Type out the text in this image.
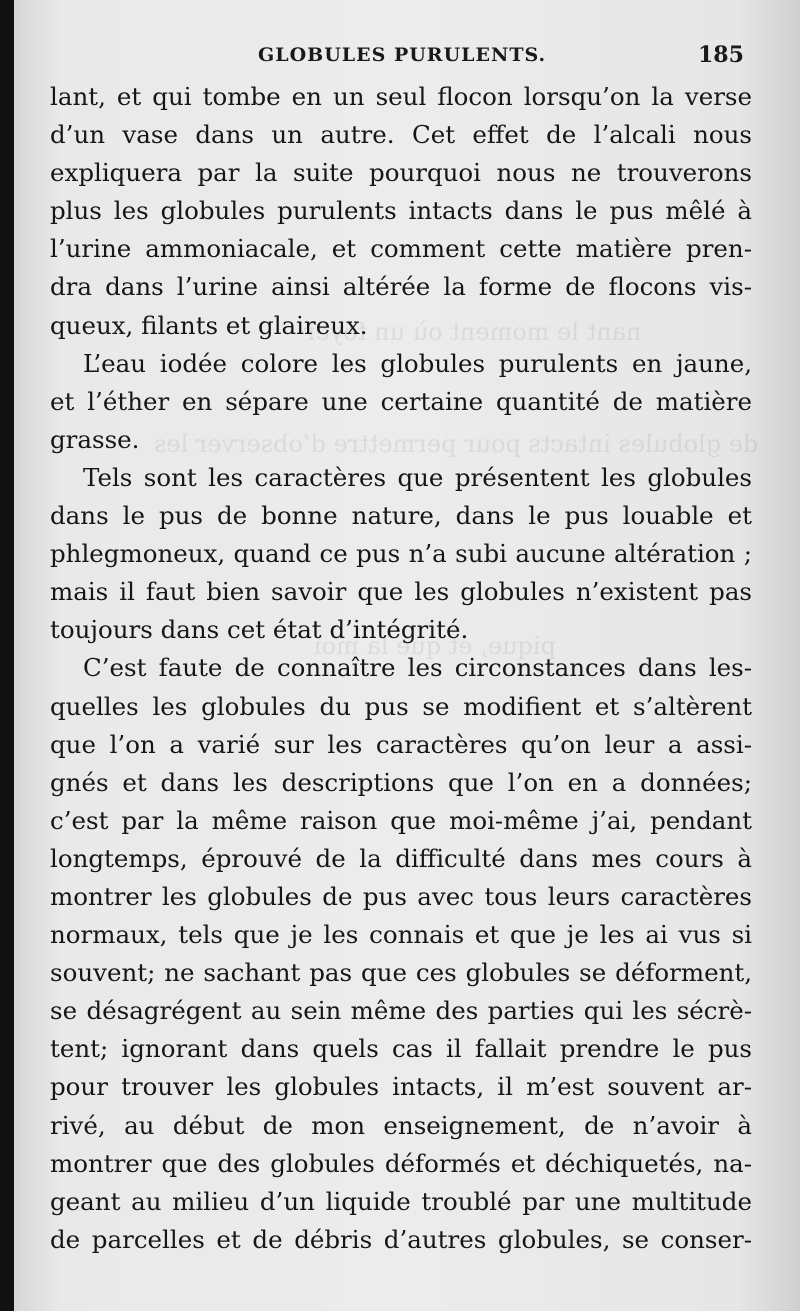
nant le moment où un foyer
de globules intacts pour permettre d’observer les
pique, et que la moi
GLOBULES PURULENTS.	185
lant, et qui tombe en un seul flocon lorsqu’on la verse
d’un vase dans un autre. Cet effet de l’alcali nous
expliquera par la suite pourquoi nous ne trouverons
plus les globules purulents intacts dans le pus mêlé à
l’urine ammoniacale, et comment cette matière pren-
dra dans l’urine ainsi altérée la forme de flocons vis-
queux, filants et glaireux.
L’eau iodée colore les globules purulents en jaune,
et l’éther en sépare une certaine quantité de matière
grasse.
Tels sont les caractères que présentent les globules
dans le pus de bonne nature, dans le pus louable et
phlegmoneux, quand ce pus n’a subi aucune altération ;
mais il faut bien savoir que les globules n’existent pas
toujours dans cet état d’intégrité.
C’est faute de connaître les circonstances dans les-
quelles les globules du pus se modifient et s’altèrent
que l’on a varié sur les caractères qu’on leur a assi-
gnés et dans les descriptions que l’on en a données;
c’est par la même raison que moi-même j’ai, pendant
longtemps, éprouvé de la difficulté dans mes cours à
montrer les globules de pus avec tous leurs caractères
normaux, tels que je les connais et que je les ai vus si
souvent; ne sachant pas que ces globules se déforment,
se désagrégent au sein même des parties qui les sécrè-
tent; ignorant dans quels cas il fallait prendre le pus
pour trouver les globules intacts, il m’est souvent ar-
rivé, au début de mon enseignement, de n’avoir à
montrer que des globules déformés et déchiquetés, na-
geant au milieu d’un liquide troublé par une multitude
de parcelles et de débris d’autres globules, se conser-
